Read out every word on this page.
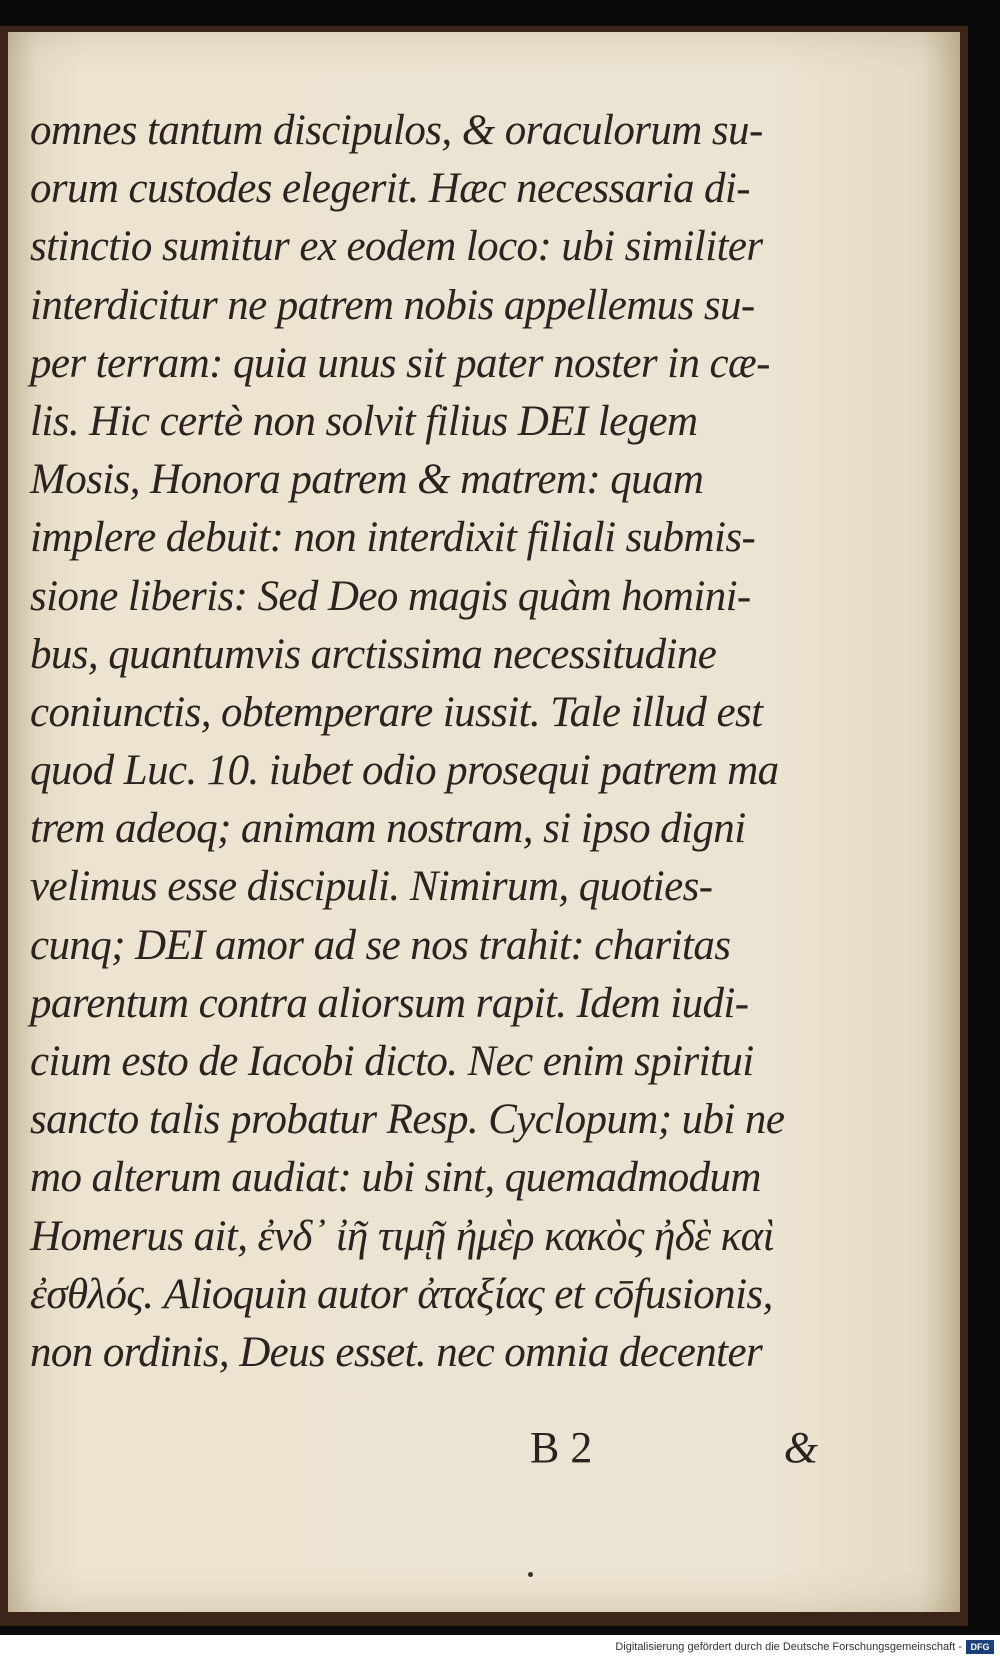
omnes tantum discipulos, & oraculorum su-
orum custodes elegerit. Hæc necessaria di-
stinctio sumitur ex eodem loco: ubi similiter
interdicitur ne patrem nobis appellemus su-
per terram: quia unus sit pater noster in cæ-
lis. Hic certè non solvit filius DEI legem
Mosis, Honora patrem & matrem: quam
implere debuit: non interdixit filiali submis-
sione liberis: Sed Deo magis quàm homini-
bus, quantumvis arctissima necessitudine
coniunctis, obtemperare iussit. Tale illud est
quod Luc. 10. iubet odio prosequi patrem ma
trem adeoq; animam nostram, si ipso digni
velimus esse discipuli. Nimirum, quoties-
cunq; DEI amor ad se nos trahit: charitas
parentum contra aliorsum rapit. Idem iudi-
cium esto de Iacobi dicto. Nec enim spiritui
sancto talis probatur Resp. Cyclopum; ubi ne
mo alterum audiat: ubi sint, quemadmodum
Homerus ait, ἐνδ᾽ ἰῆ τιμῇ ἠμὲρ κακὸς ἠδὲ καὶ
ἐσθλός. Alioquin autor ἀταξίας et cōfusionis,
non ordinis, Deus esset. nec omnia decenter
B 2	&
Digitalisierung gefördert durch die Deutsche Forschungsgemeinschaft - DFG
